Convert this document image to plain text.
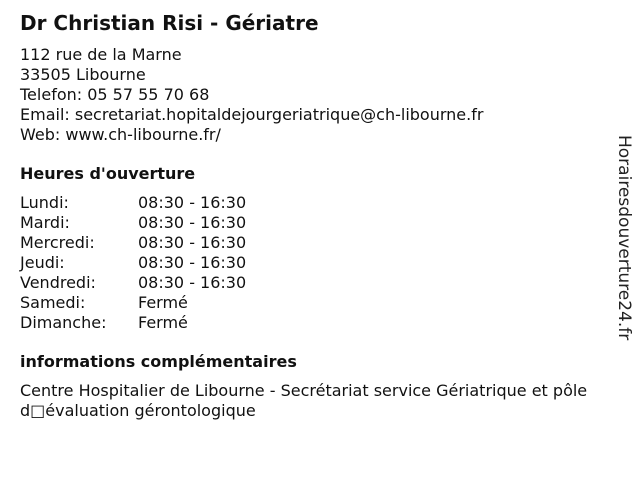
Dr Christian Risi - Gériatre
112 rue de la Marne
33505 Libourne
Telefon: 05 57 55 70 68
Email: secretariat.hopitaldejourgeriatrique@ch-libourne.fr
Web: www.ch-libourne.fr/
Heures d'ouverture
Lundi:	08:30 - 16:30
Mardi:	08:30 - 16:30
Mercredi:	08:30 - 16:30
Jeudi:	08:30 - 16:30
Vendredi:	08:30 - 16:30
Samedi:	Fermé
Dimanche:	Fermé
informations complémentaires
Centre Hospitalier de Libourne - Secrétariat service Gériatrique et pôle d□évaluation gérontologique
Horairesdouverture24.fr
